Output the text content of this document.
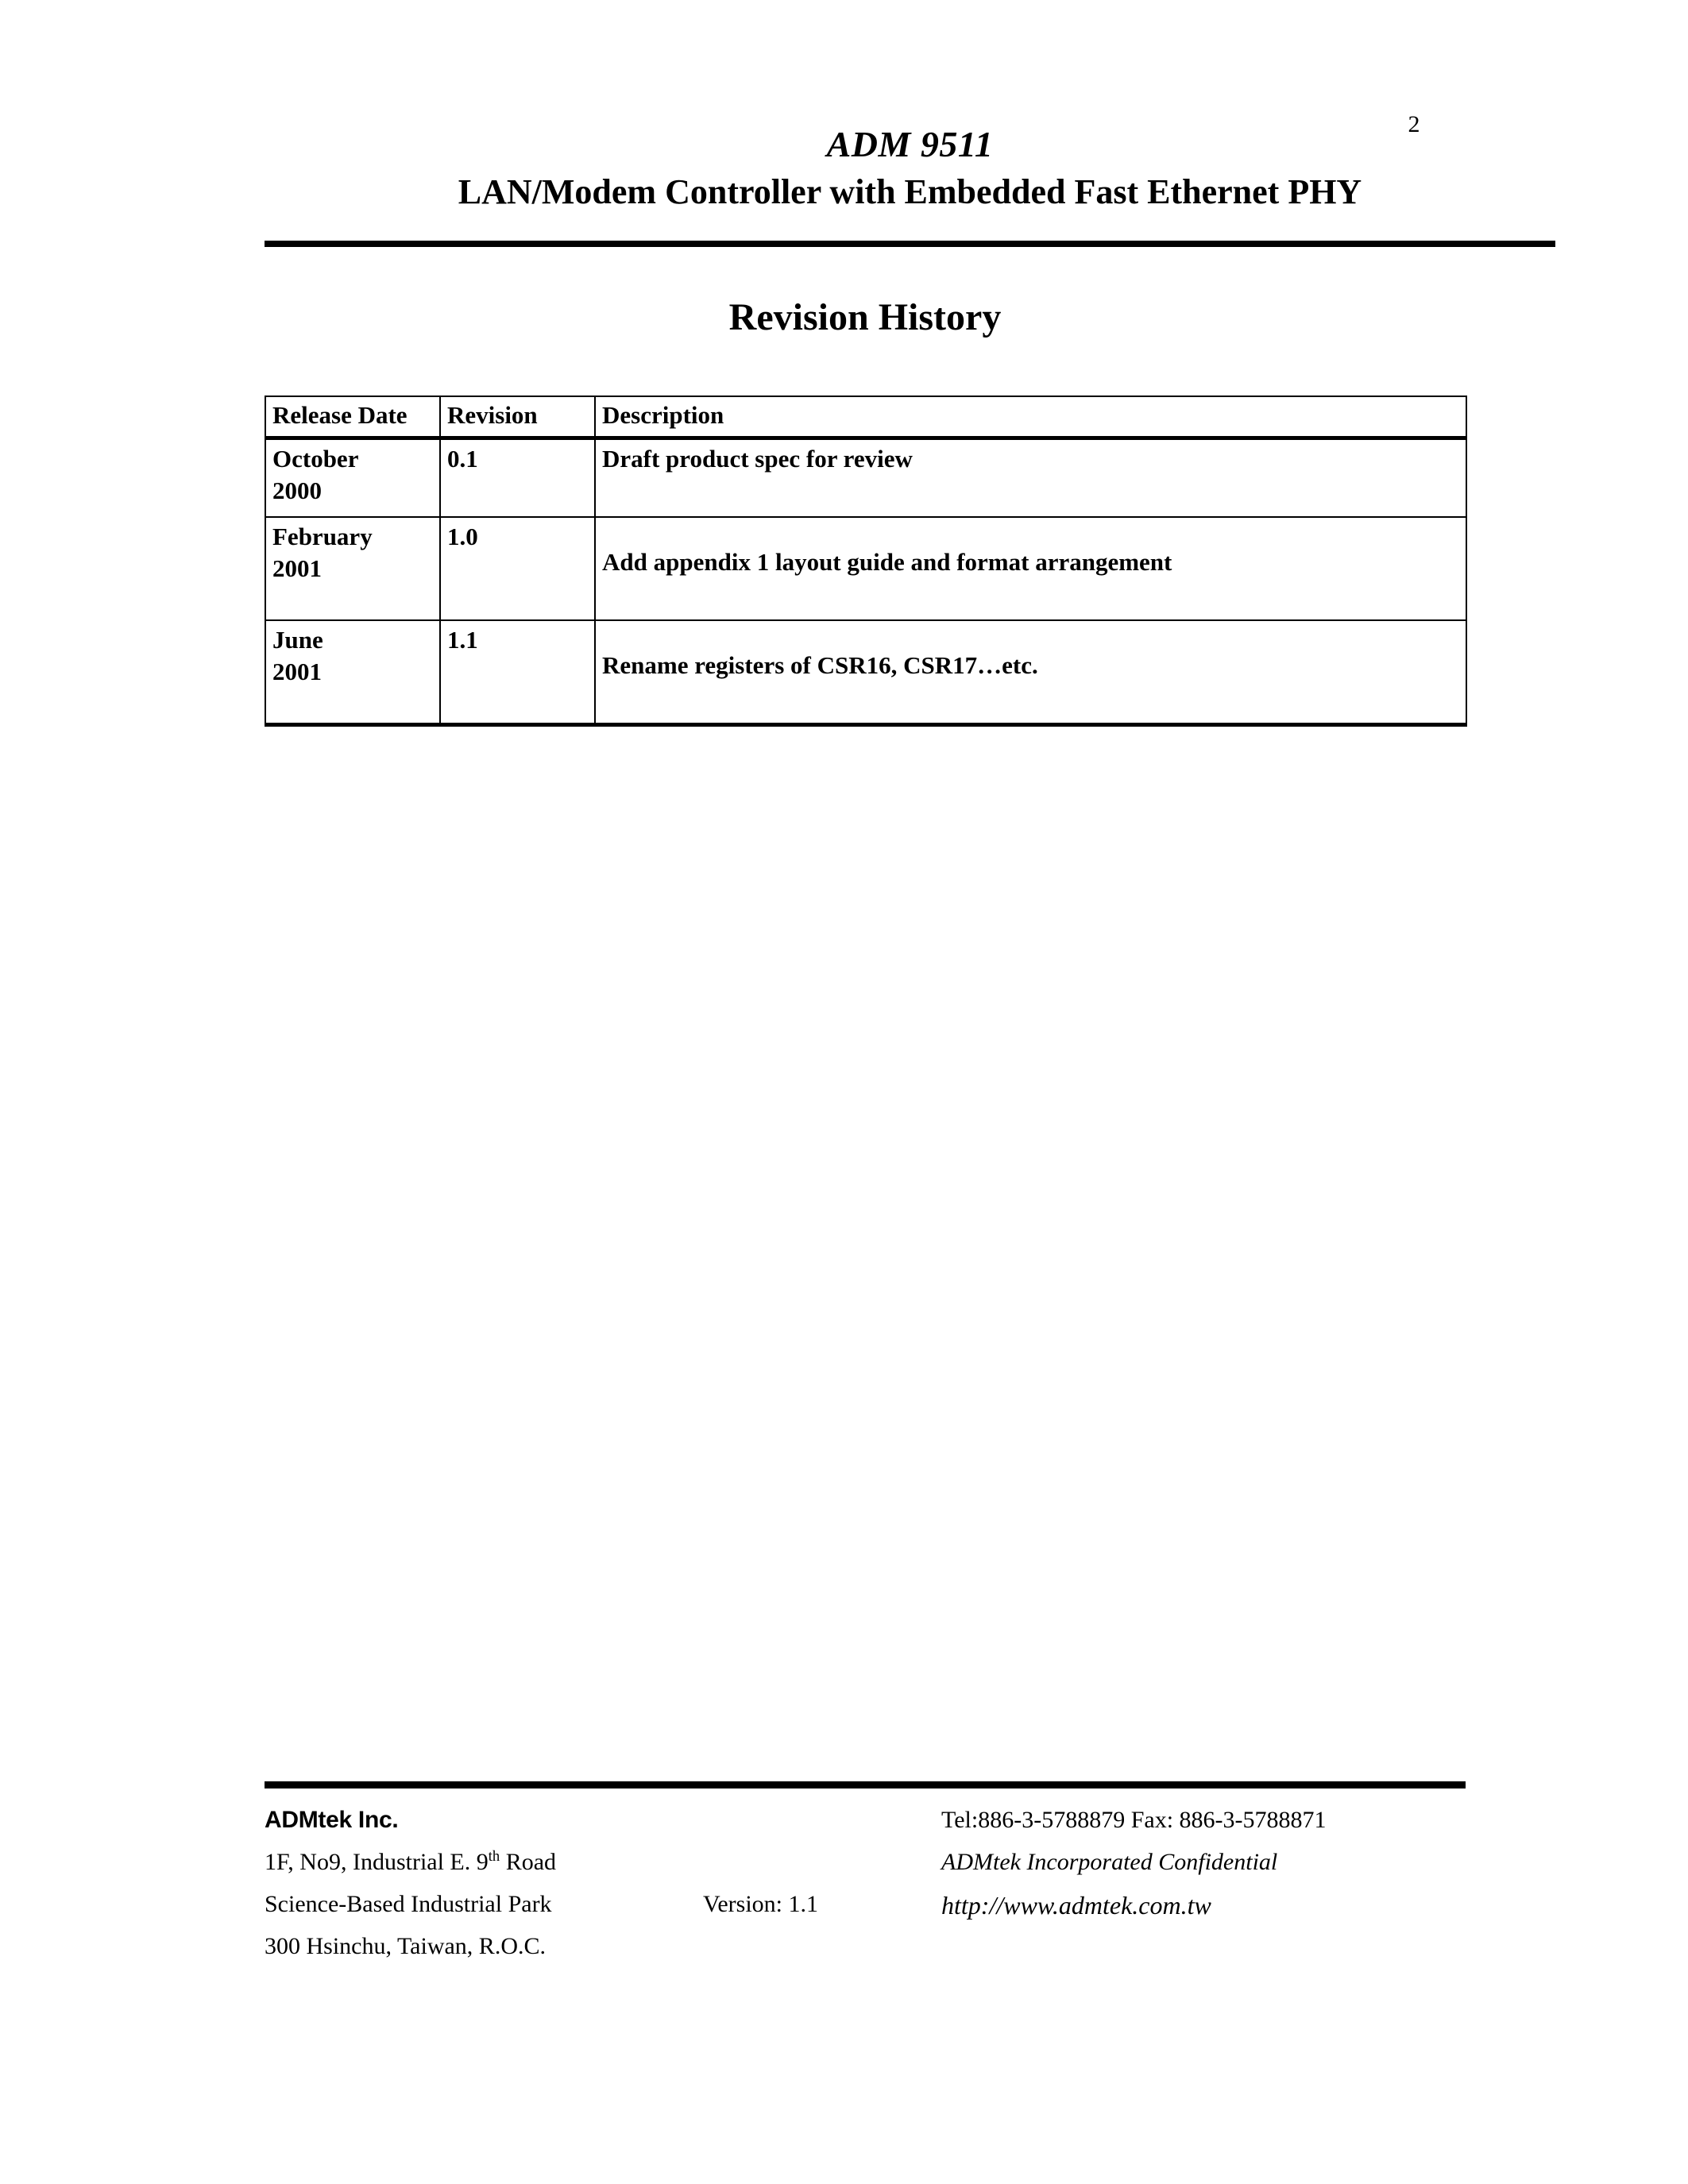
2
ADM 9511
LAN/Modem Controller with Embedded Fast Ethernet PHY
Revision History
Release Date	Revision	Description
October
2000	0.1	Draft product spec for review
February
2001	1.0	Add appendix 1 layout guide and format arrangement
June
2001	1.1	Rename registers of CSR16, CSR17…etc.
ADMtek Inc.	Tel:886-3-5788879 Fax: 886-3-5788871
1F, No9, Industrial E. 9th Road	ADMtek Incorporated Confidential
Science-Based Industrial Park	Version: 1.1	http://www.admtek.com.tw
300 Hsinchu, Taiwan, R.O.C.
